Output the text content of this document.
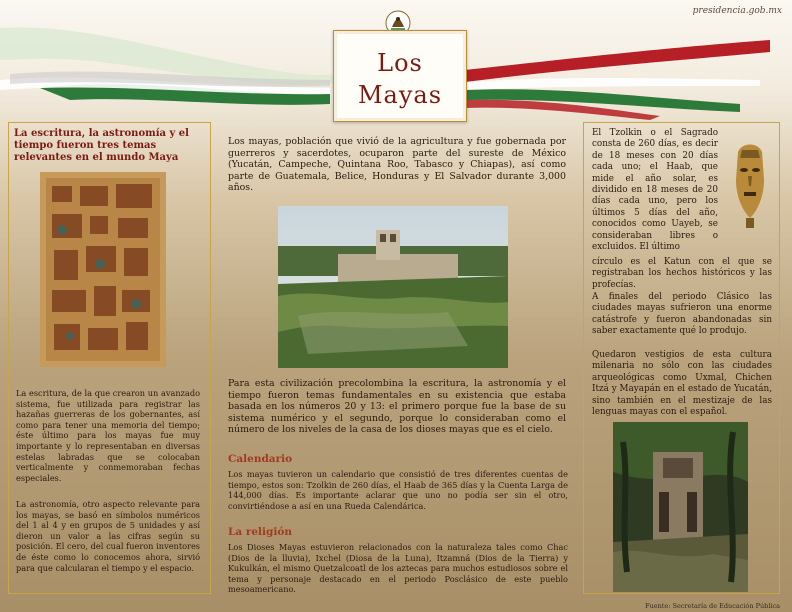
presidencia.gob.mx
Los
Mayas
La escritura, la astronomía y el tiempo fueron tres temas relevantes en el mundo Maya

La escritura, de la que crearon un avanzado sistema, fue utilizada para registrar las hazañas guerreras de los gobernantes, así como para tener una memoria del tiempo; éste último para los mayas fue muy importante y lo representaban en diversas estelas labradas que se colocaban verticalmente y conmemoraban fechas especiales.

La astronomía, otro aspecto relevante para los mayas, se basó en símbolos numéricos del 1 al 4 y en grupos de 5 unidades y así dieron un valor a las cifras según su posición. El cero, del cual fueron inventores de éste como lo conocemos ahora, sirvió para que calcularan el tiempo y el espacio.

Los mayas, población que vivió de la agricultura y fue gobernada por guerreros y sacerdotes, ocuparon parte del sureste de México (Yucatán, Campeche, Quintana Roo, Tabasco y Chiapas), así como parte de Guatemala, Belice, Honduras y El Salvador durante 3,000 años.

Para esta civilización precolombina la escritura, la astronomía y el tiempo fueron temas fundamentales en su existencia que estaba basada en los números 20 y 13: el primero porque fue la base de su sistema numérico y el segundo, porque lo consideraban como el número de los niveles de la casa de los dioses mayas que es el cielo.

Calendario

Los mayas tuvieron un calendario que consistió de tres diferentes cuentas de tiempo, estos son: Tzolkin de 260 días, el Haab de 365 días y la Cuenta Larga de 144,000 días. Es importante aclarar que uno no podía ser sin el otro, convirtiéndose a así en una Rueda Calendárica.

La religión

Los Dioses Mayas estuvieron relacionados con la naturaleza tales como Chac (Dios de la lluvia), Ixchel (Diosa de la Luna), Itzamná (Dios de la Tierra) y Kukulkán, el mismo Quetzalcoatl de los aztecas para muchos estudiosos sobre el tema y personaje destacado en el periodo Posclásico de este pueblo mesoamericano.

El Tzolkin o el Sagrado consta de 260 días, es decir de 18 meses con 20 días cada uno; el Haab, que mide el año solar, es dividido en 18 meses de 20 días cada uno, pero los últimos 5 días del año, conocidos como Uayeb, se consideraban libres o excluidos. El último

círculo es el Katun con el que se registraban los hechos históricos y las profecías.

A finales del periodo Clásico las ciudades mayas sufrieron una enorme catástrofe y fueron abandonadas sin saber exactamente qué lo produjo.

Quedaron vestigios de esta cultura milenaria no sólo con las ciudades arqueológicas como Uxmal, Chichen Itzá y Mayapán en el estado de Yucatán, sino también en el mestizaje de las lenguas mayas con el español.

Fuente: Secretaría de Educación Pública
